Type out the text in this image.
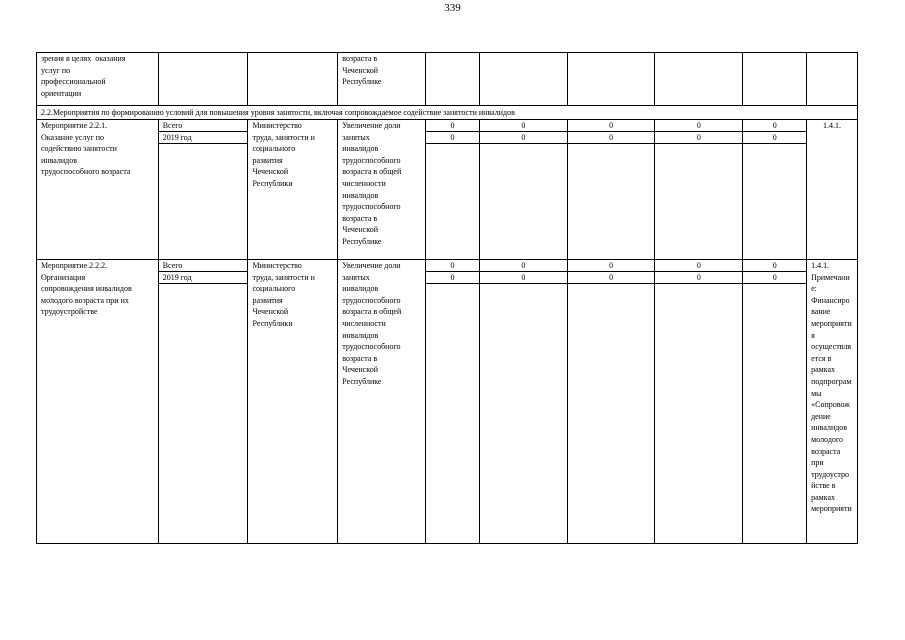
339

зрения в целях  оказания
услуг по
профессиональной
ориентации

возраста в
Чеченской
Республике

2.2.Мероприятия по формированию условий для повышения уровня занятости, включая сопровождаемое содействие занятости инвалидов

Мероприятие 2.2.1.
Оказание услуг по
содействию занятости
инвалидов
трудоспособного возраста

Всего
2019 год

Министерство
труда, занятости и
социального
развития
Чеченской
Республики

Увеличение доли
занятых
инвалидов
трудоспособного
возраста в общей
численности
инвалидов
трудоспособного
возраста в
Чеченской
Республике

0
0
0
0
0
0
0
0
0
0

1.4.1.

Мероприятие 2.2.2.
Организация
сопровождения инвалидов
молодого возраста при их
трудоустройстве

Всего
2019 год

Министерство
труда, занятости и
социального
развития
Чеченской
Республики

Увеличение доли
занятых
инвалидов
трудоспособного
возраста в общей
численности
инвалидов
трудоспособного
возраста в
Чеченской
Республике

0
0
0
0
0
0
0
0
0
0

1.4.1.
Примечани
е:
Финансиро
вание
мероприяти
я
осуществля
ется в
рамках
подпрограм
мы
«Сопровож
дение
инвалидов
молодого
возраста
при
трудоустро
йстве в
рамках
мероприяти
